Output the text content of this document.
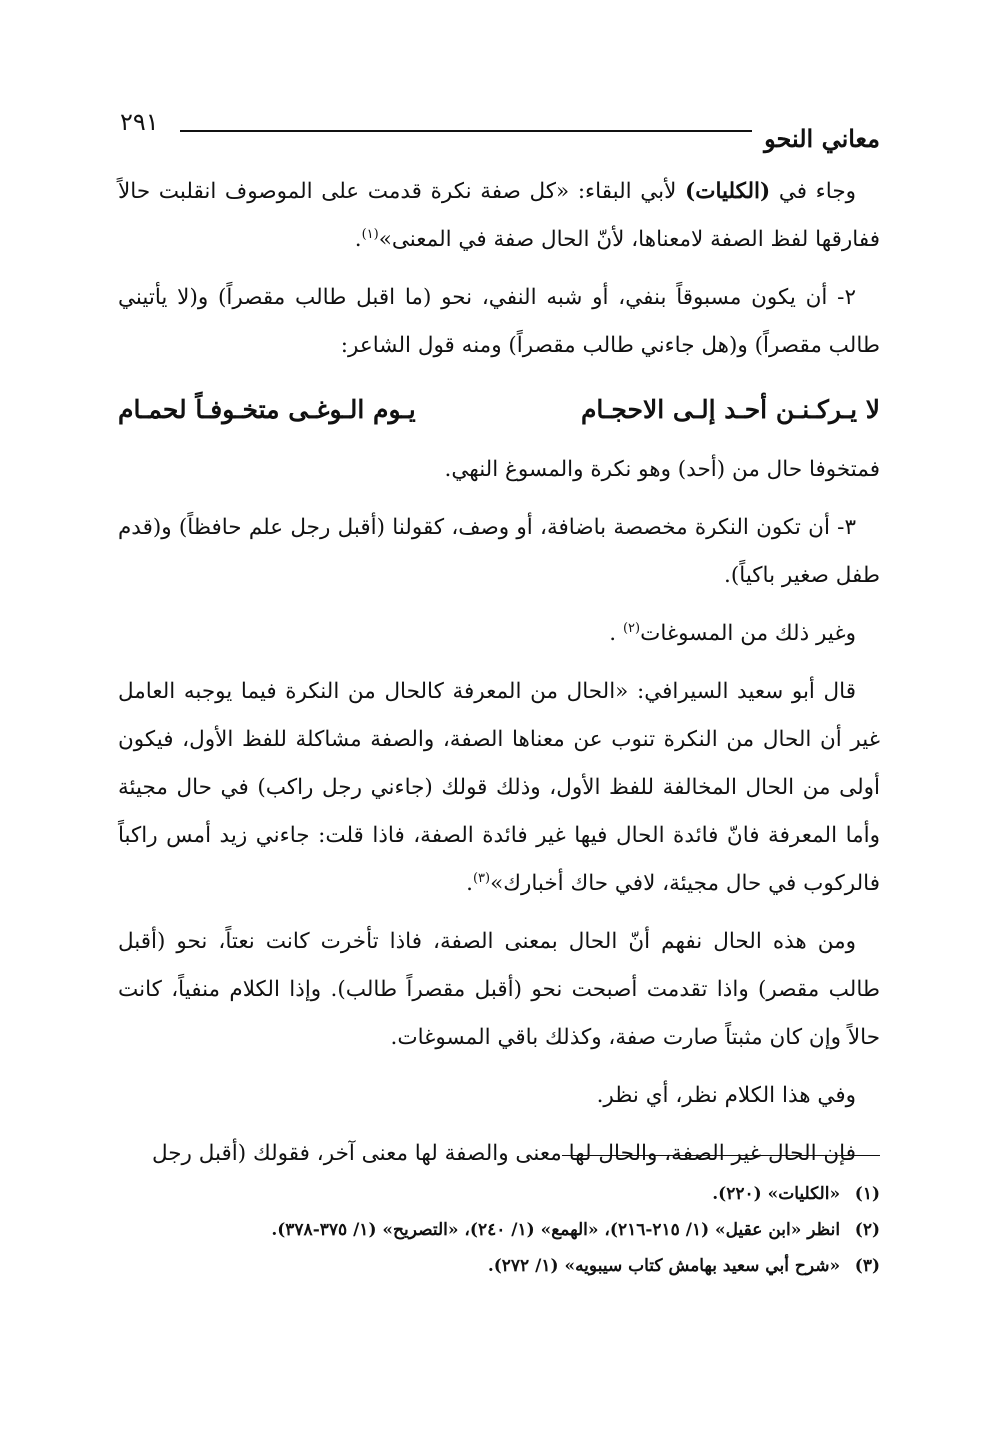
٢٩١
معاني النحو

وجاء في (الكليات) لأبي البقاء: «كل صفة نكرة قدمت على الموصوف انقلبت حالاً ففارقها لفظ الصفة لامعناها، لأنّ الحال صفة في المعنى»$^{(١)}$.

٢- أن يكون مسبوقاً بنفي، أو شبه النفي، نحو (ما اقبل طالب مقصراً) و(لا يأتيني طالب مقصراً) و(هل جاءني طالب مقصراً) ومنه قول الشاعر:

لا يـركـنـن أحـد إلـى الاحجـام
يـوم الـوغـى متخـوفـاً لحمـام

فمتخوفا حال من (أحد) وهو نكرة والمسوغ النهي.

٣- أن تكون النكرة مخصصة باضافة، أو وصف، كقولنا (أقبل رجل علم حافظاً) و(قدم طفل صغير باكياً).

وغير ذلك من المسوغات$^{(٢)}$ .

قال أبو سعيد السيرافي: «الحال من المعرفة كالحال من النكرة فيما يوجبه العامل غير أن الحال من النكرة تنوب عن معناها الصفة، والصفة مشاكلة للفظ الأول، فيكون أولى من الحال المخالفة للفظ الأول، وذلك قولك (جاءني رجل راكب) في حال مجيئة وأما المعرفة فانّ فائدة الحال فيها غير فائدة الصفة، فاذا قلت: جاءني زيد أمس راكباً فالركوب في حال مجيئة، لافي حاك أخبارك»$^{(٣)}$.

ومن هذه الحال نفهم أنّ الحال بمعنى الصفة، فاذا تأخرت كانت نعتاً، نحو (أقبل طالب مقصر) واذا تقدمت أصبحت نحو (أقبل مقصراً طالب). وإذا الكلام منفياً، كانت حالاً وإن كان مثبتاً صارت صفة، وكذلك باقي المسوغات.

وفي هذا الكلام نظر، أي نظر.

فإن الحال غير الصفة، والحال لها معنى والصفة لها معنى آخر، فقولك (أقبل رجل

(١) «الكليات» (٢٢٠).
(٢) انظر «ابن عقيل» (١/ ٢١٥-٢١٦)، «الهمع» (١/ ٢٤٠)، «التصريح» (١/ ٣٧٥-٣٧٨).
(٣) «شرح أبي سعيد بهامش كتاب سيبويه» (١/ ٢٧٢).
